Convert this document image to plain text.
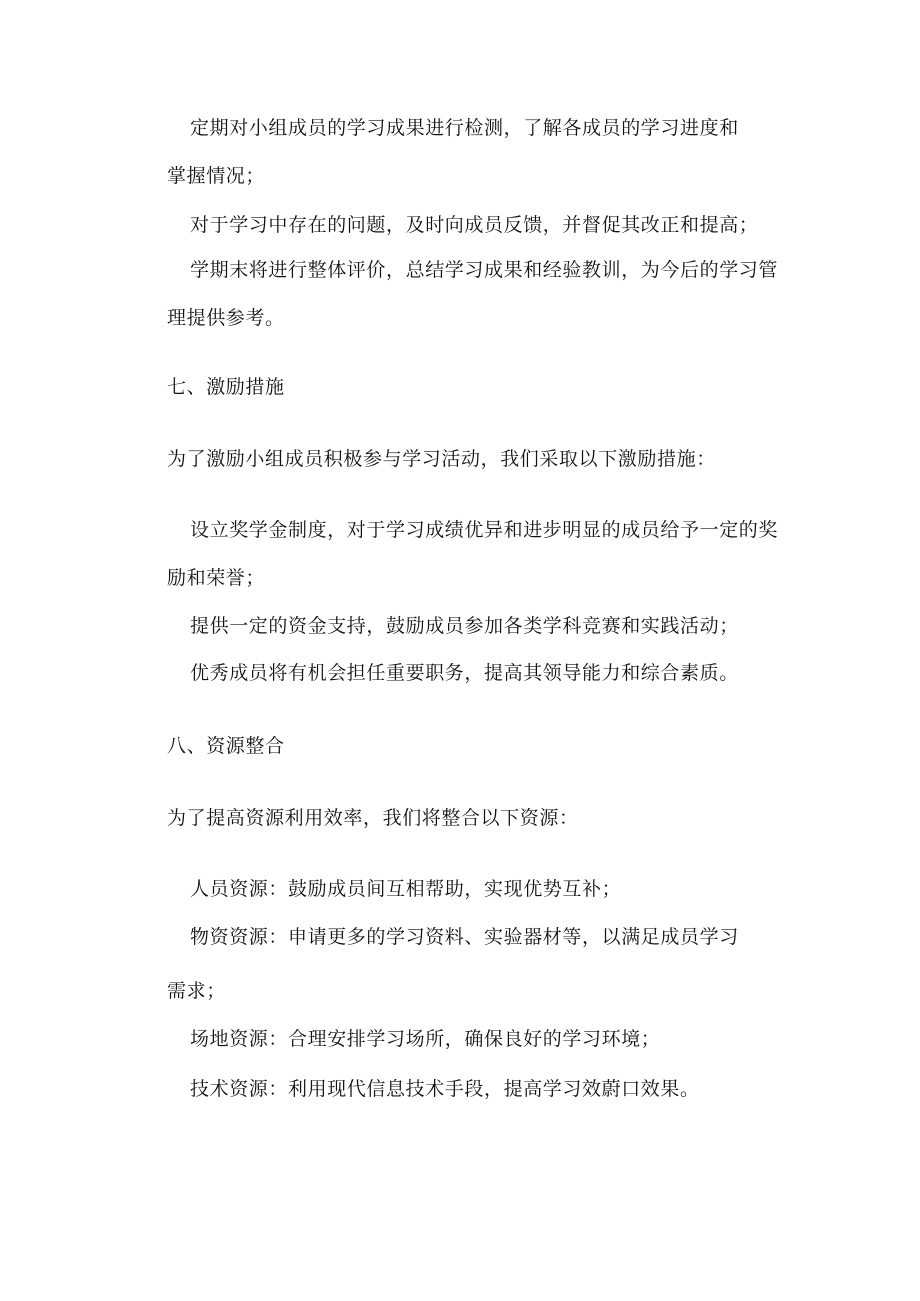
定期对小组成员的学习成果进行检测，了解各成员的学习进度和
掌握情况；
对于学习中存在的问题，及时向成员反馈，并督促其改正和提高；
学期末将进行整体评价，总结学习成果和经验教训，为今后的学习管
理提供参考。
七、激励措施
为了激励小组成员积极参与学习活动，我们采取以下激励措施：
设立奖学金制度，对于学习成绩优异和进步明显的成员给予一定的奖
励和荣誉；
提供一定的资金支持，鼓励成员参加各类学科竞赛和实践活动；
优秀成员将有机会担任重要职务，提高其领导能力和综合素质。
八、资源整合
为了提高资源利用效率，我们将整合以下资源：
人员资源：鼓励成员间互相帮助，实现优势互补；
物资资源：申请更多的学习资料、实验器材等，以满足成员学习
需求；
场地资源：合理安排学习场所，确保良好的学习环境；
技术资源：利用现代信息技术手段，提高学习效蔚口效果。
